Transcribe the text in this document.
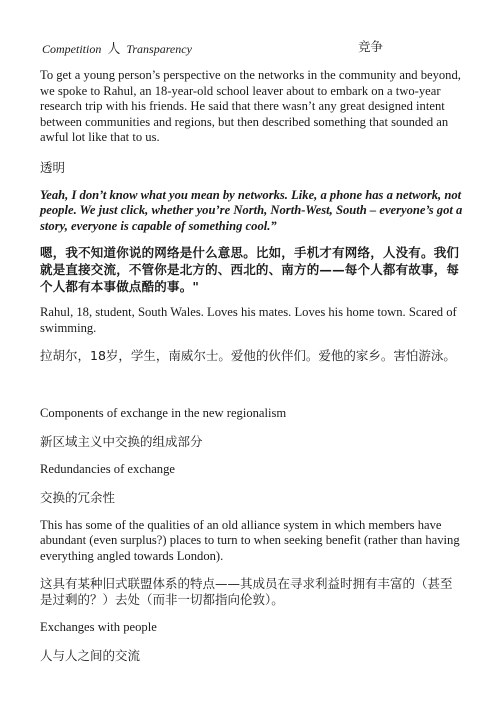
Competition 人 Transparency	竞争

To get a young person’s perspective on the networks in the community and beyond, we spoke to Rahul, an 18-year-old school leaver about to embark on a two-year research trip with his friends. He said that there wasn’t any great designed intent between communities and regions, but then described something that sounded an awful lot like that to us.

透明

Yeah, I don’t know what you mean by networks. Like, a phone has a network, not people. We just click, whether you’re North, North-West, South – everyone’s got a story, everyone is capable of something cool.”

嗯，我不知道你说的网络是什么意思。比如，手机才有网络，人没有。我们就是直接交流，不管你是北方的、西北的、南方的——每个人都有故事，每个人都有本事做点酷的事。"

Rahul, 18, student, South Wales. Loves his mates. Loves his home town. Scared of swimming.

拉胡尔，18岁，学生，南威尔士。爱他的伙伴们。爱他的家乡。害怕游泳。

Components of exchange in the new regionalism

新区域主义中交换的组成部分

Redundancies of exchange

交换的冗余性

This has some of the qualities of an old alliance system in which members have abundant (even surplus?) places to turn to when seeking benefit (rather than having everything angled towards London).

这具有某种旧式联盟体系的特点——其成员在寻求利益时拥有丰富的（甚至是过剩的？）去处（而非一切都指向伦敦）。

Exchanges with people

人与人之间的交流
